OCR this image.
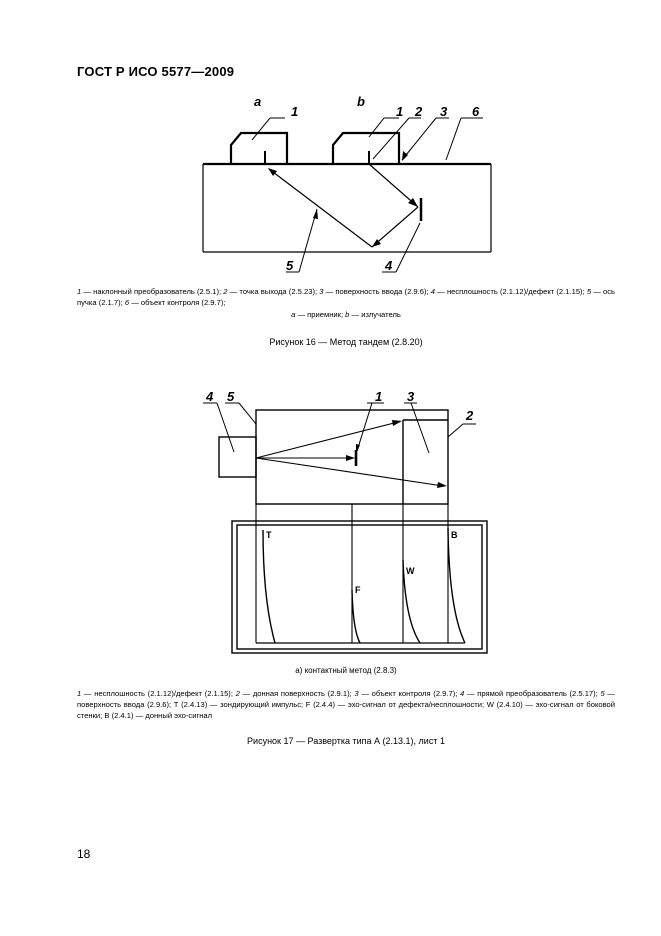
ГОСТ Р ИСО 5577—2009
a	b
1	1 2 3 6
5	4
1 — наклонный преобразователь (2.5.1); 2 — точка выхода (2.5.23); 3 — поверхность ввода (2.9.6); 4 — несплошность (2.1.12)/дефект (2.1.15); 5 — ось пучка (2.1.7); 6 — объект контроля (2.9.7);
a — приемник; b — излучатель
Рисунок 16 — Метод тандем (2.8.20)
4 5	1 3
2
T
F
W
B
а) контактный метод (2.8.3)
1 — несплошность (2.1.12)/дефект (2.1.15); 2 — донная поверхность (2.9.1); 3 — объект контроля (2.9.7); 4 — прямой преобразователь (2.5.17); 5 — поверхность ввода (2.9.6); Т (2.4.13) — зондирующий импульс; F (2.4.4) — эхо-сигнал от дефекта/несплошности; W (2.4.10) — эхо-сигнал от боковой стенки; В (2.4.1) — донный эхо-сигнал
Рисунок 17 — Развертка типа А (2.13.1), лист 1
18
